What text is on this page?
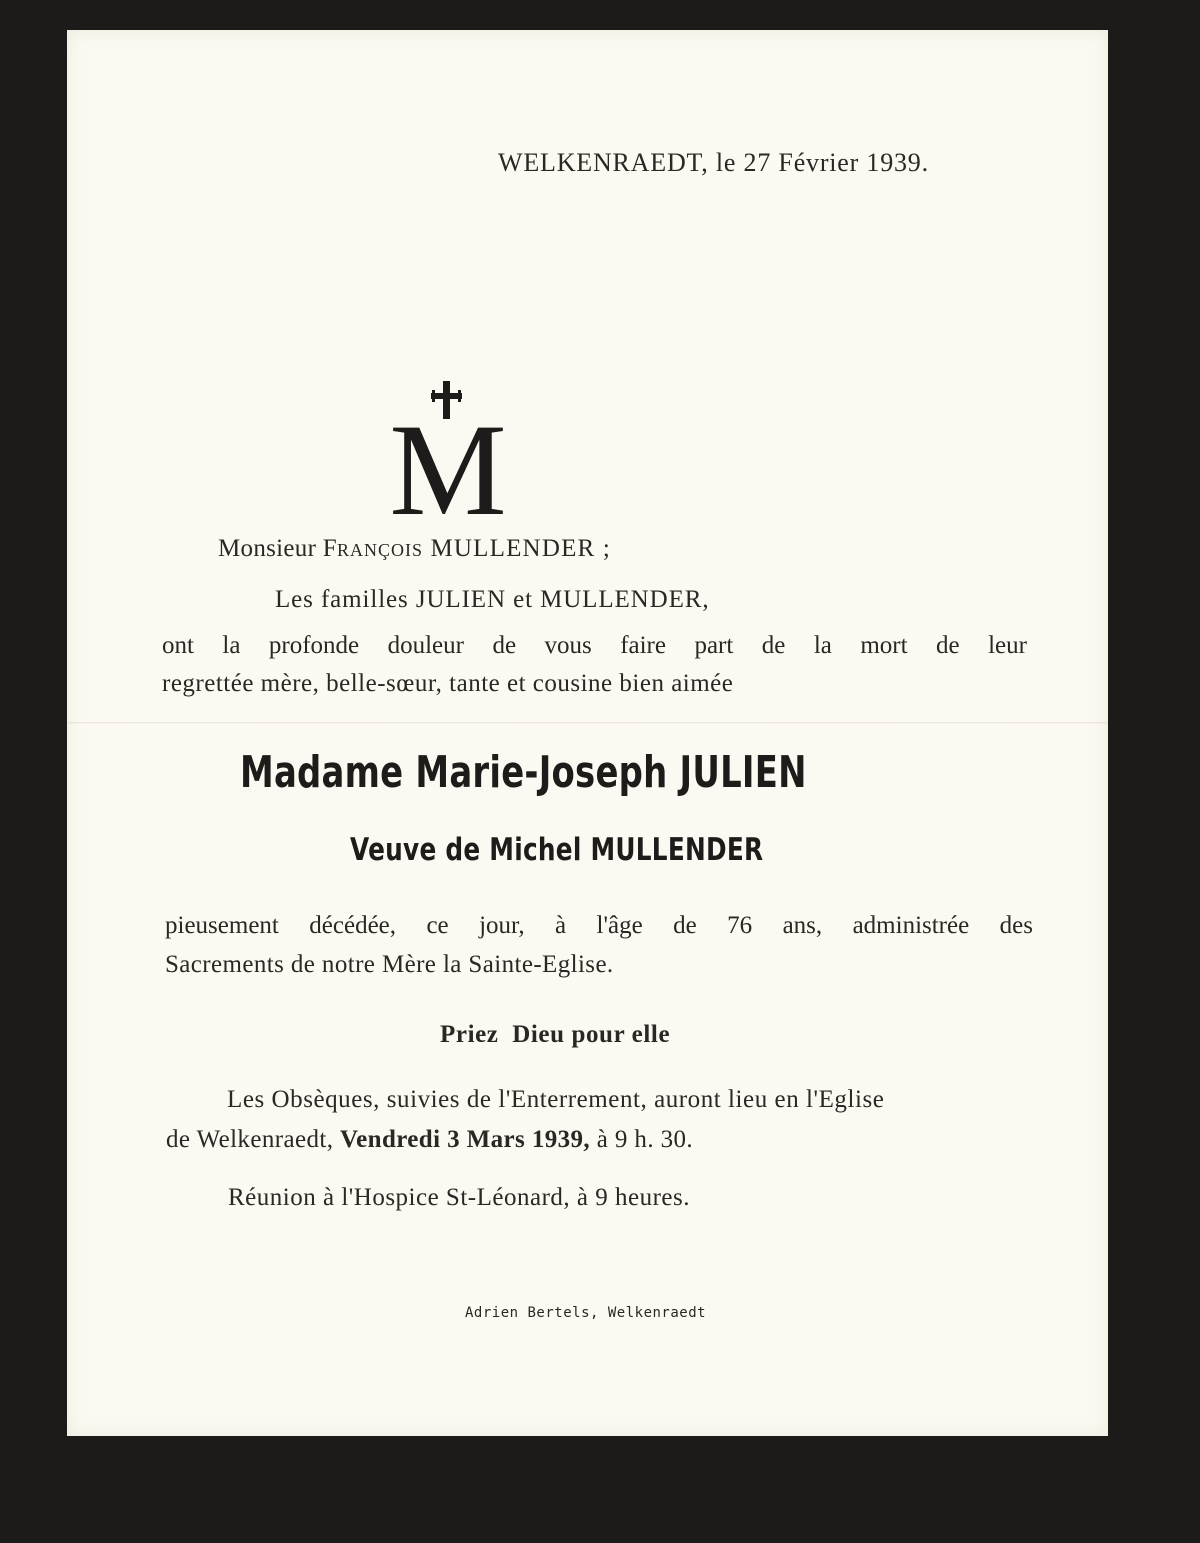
WELKENRAEDT, le 27 Février 1939.
M
Monsieur FRANÇOIS MULLENDER ;
Les familles JULIEN et MULLENDER,
ont la profonde douleur de vous faire part de la mort de leur
regrettée mère, belle-sœur, tante et cousine bien aimée
Madame Marie-Joseph JULIEN
Veuve de Michel MULLENDER
pieusement décédée, ce jour, à l'âge de 76 ans, administrée des
Sacrements de notre Mère la Sainte-Eglise.
Priez  Dieu pour elle
Les Obsèques, suivies de l'Enterrement, auront lieu en l'Eglise
de Welkenraedt, Vendredi 3 Mars 1939, à 9 h. 30.
Réunion à l'Hospice St-Léonard, à 9 heures.
Adrien Bertels, Welkenraedt
